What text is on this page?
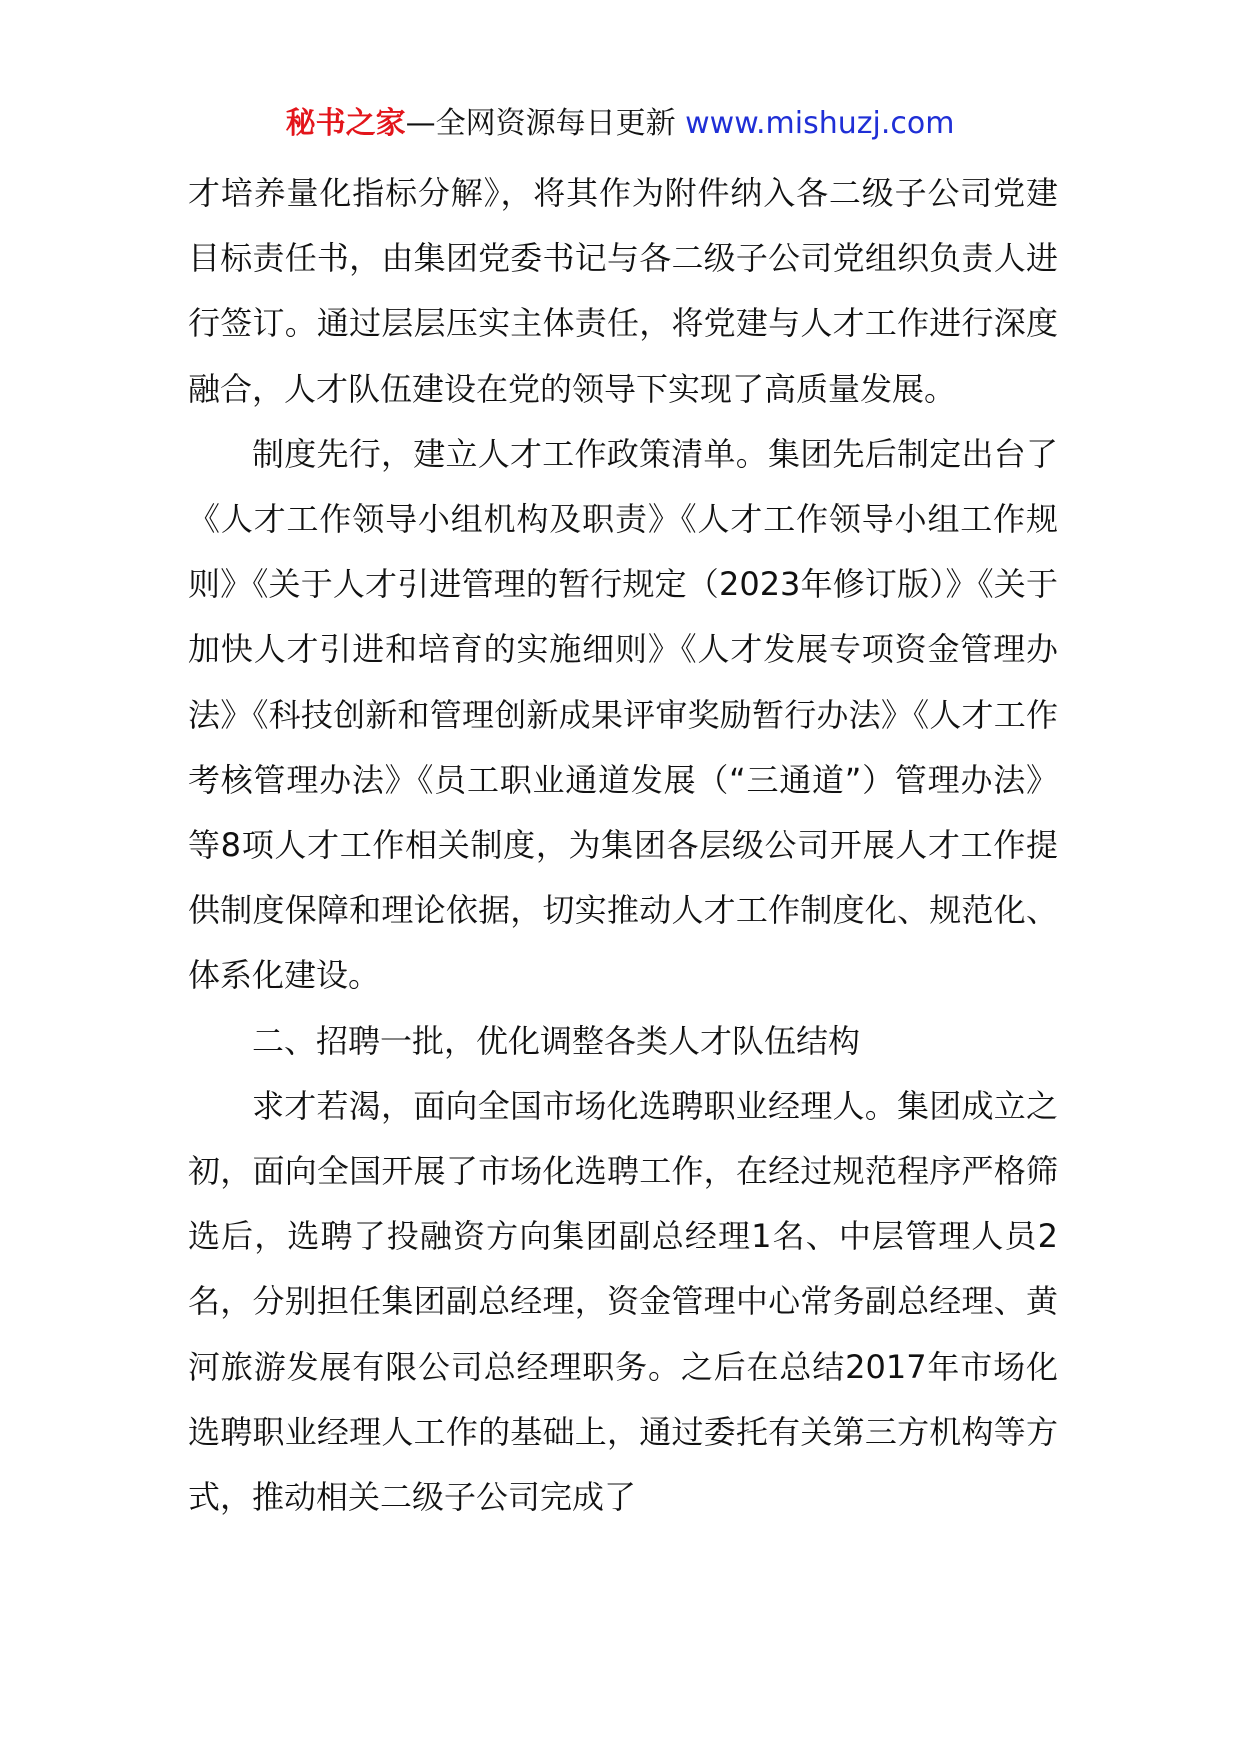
秘书之家—全网资源每日更新 www.mishuzj.com

才培养量化指标分解》，将其作为附件纳入各二级子公司党建目标责任书，由集团党委书记与各二级子公司党组织负责人进行签订。通过层层压实主体责任，将党建与人才工作进行深度融合，人才队伍建设在党的领导下实现了高质量发展。

制度先行，建立人才工作政策清单。集团先后制定出台了《人才工作领导小组机构及职责》《人才工作领导小组工作规则》《关于人才引进管理的暂行规定（2023年修订版）》《关于加快人才引进和培育的实施细则》《人才发展专项资金管理办法》《科技创新和管理创新成果评审奖励暂行办法》《人才工作考核管理办法》《员工职业通道发展（“三通道”）管理办法》等8项人才工作相关制度，为集团各层级公司开展人才工作提供制度保障和理论依据，切实推动人才工作制度化、规范化、体系化建设。

二、招聘一批，优化调整各类人才队伍结构

求才若渴，面向全国市场化选聘职业经理人。集团成立之初，面向全国开展了市场化选聘工作，在经过规范程序严格筛选后，选聘了投融资方向集团副总经理1名、中层管理人员2名，分别担任集团副总经理，资金管理中心常务副总经理、黄河旅游发展有限公司总经理职务。之后在总结2017年市场化选聘职业经理人工作的基础上，通过委托有关第三方机构等方式，推动相关二级子公司完成了
